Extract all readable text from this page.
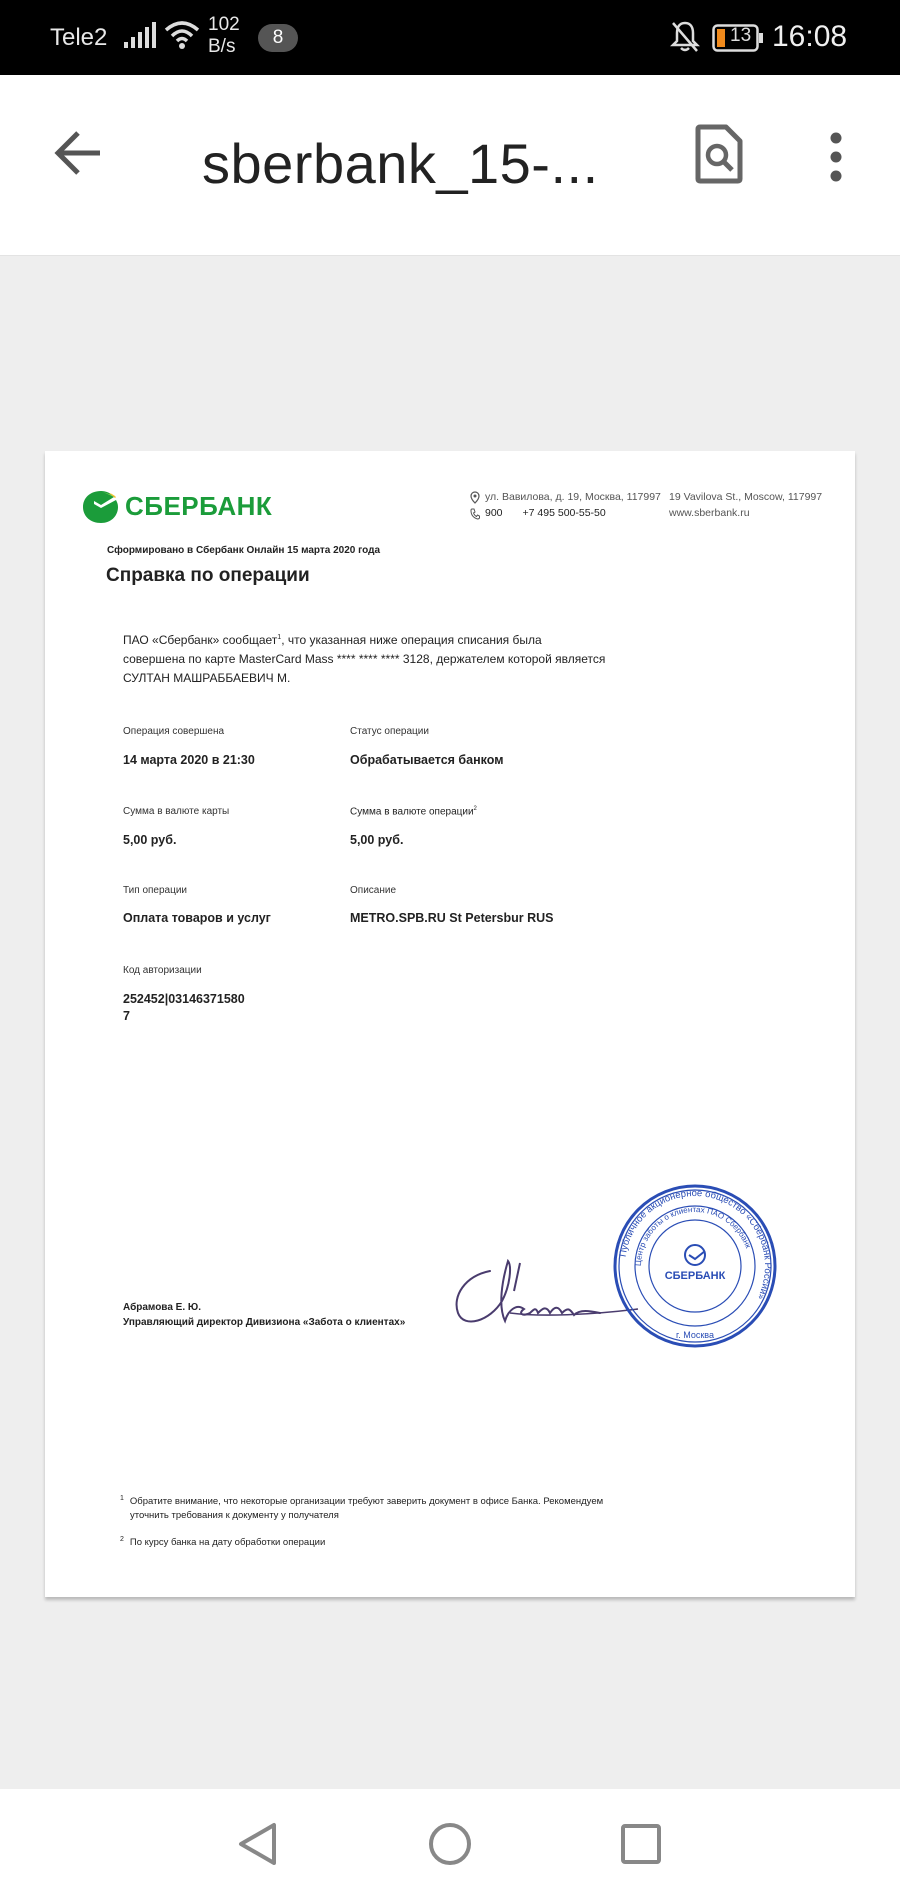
Tele2	102
B/s	8	13 16:08
sberbank_15-...
СБЕРБАНК	ул. Вавилова, д. 19, Москва, 117997
900 +7 495 500-55-50
19 Vavilova St., Moscow, 117997
www.sberbank.ru
Сформировано в Сбербанк Онлайн 15 марта 2020 года
Справка по операции
ПАО «Сбербанк» сообщает$^1$, что указанная ниже операция списания была
совершена по карте MasterCard Mass **** **** **** 3128, держателем которой является
СУЛТАН МАШРАББАЕВИЧ М.
Операция совершена
14 марта 2020 в 21:30
Статус операции
Обрабатывается банком
Сумма в валюте карты
5,00 руб.
Сумма в валюте операции$^2$
5,00 руб.
Тип операции
Оплата товаров и услуг
Описание
METRO.SPB.RU St Petersbur RUS
Код авторизации
252452|03146371580
7
Публичное акционерное общество «Сбербанк России»
Центр заботы о клиентах ПАО Сбербанк
СБЕРБАНК
г. Москва
Абрамова Е. Ю.
Управляющий директор Дивизиона «Забота о клиентах»
$^1$ Обратите внимание, что некоторые организации требуют заверить документ в офисе Банка. Рекомендуем
уточнить требования к документу у получателя
$^2$ По курсу банка на дату обработки операции
